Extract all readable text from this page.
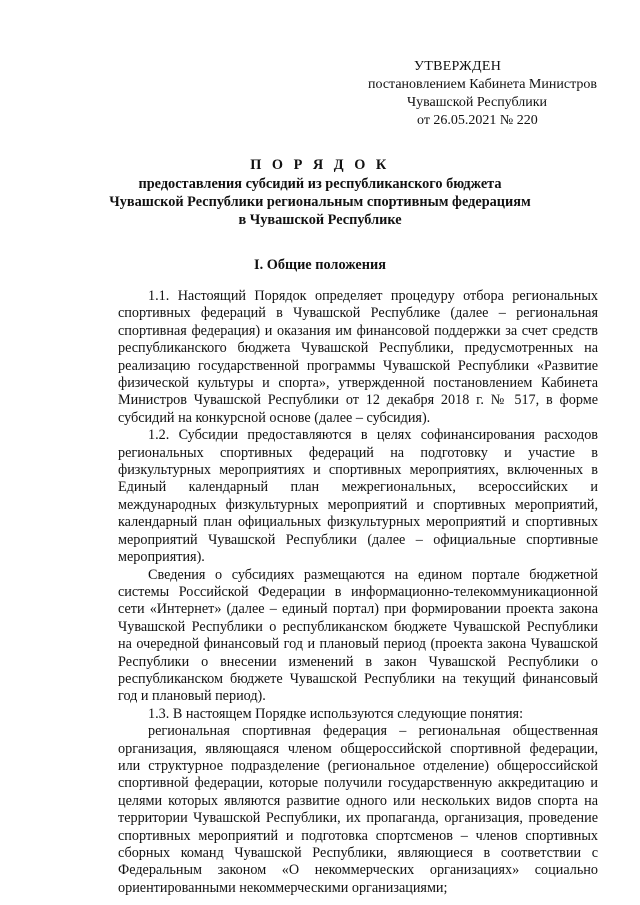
УТВЕРЖДЕН
постановлением Кабинета Министров
Чувашской Республики
от 26.05.2021 № 220
П О Р Я Д О К
предоставления субсидий из республиканского бюджета
Чувашской Республики региональным спортивным федерациям
в Чувашской Республике
I. Общие положения

1.1. Настоящий Порядок определяет процедуру отбора региональных спортивных федераций в Чувашской Республике (далее – региональная спортивная федерация) и оказания им финансовой поддержки за счет средств республиканского бюджета Чувашской Республики, предусмотренных на реализацию государственной программы Чувашской Республики «Развитие физической культуры и спорта», утвержденной постановлением Кабинета Министров Чувашской Республики от 12 декабря 2018 г. № 517, в форме субсидий на конкурсной основе (далее – субсидия).

1.2. Субсидии предоставляются в целях софинансирования расходов региональных спортивных федераций на подготовку и участие в физкультурных мероприятиях и спортивных мероприятиях, включенных в Единый календарный план межрегиональных, всероссийских и международных физкультурных мероприятий и спортивных мероприятий, календарный план официальных физкультурных мероприятий и спортивных мероприятий Чувашской Республики (далее – официальные спортивные мероприятия).

Сведения о субсидиях размещаются на едином портале бюджетной системы Российской Федерации в информационно-телекоммуникационной сети «Интернет» (далее – единый портал) при формировании проекта закона Чувашской Республики о республиканском бюджете Чувашской Республики на очередной финансовый год и плановый период (проекта закона Чувашской Республики о внесении изменений в закон Чувашской Республики о республиканском бюджете Чувашской Республики на текущий финансовый год и плановый период).

1.3. В настоящем Порядке используются следующие понятия:

региональная спортивная федерация – региональная общественная организация, являющаяся членом общероссийской спортивной федерации, или структурное подразделение (региональное отделение) общероссийской спортивной федерации, которые получили государственную аккредитацию и целями которых являются развитие одного или нескольких видов спорта на территории Чувашской Республики, их пропаганда, организация, проведение спортивных мероприятий и подготовка спортсменов – членов спортивных сборных команд Чувашской Республики, являющиеся в соответствии с Федеральным законом «О некоммерческих организациях» социально ориентированными некоммерческими организациями;
